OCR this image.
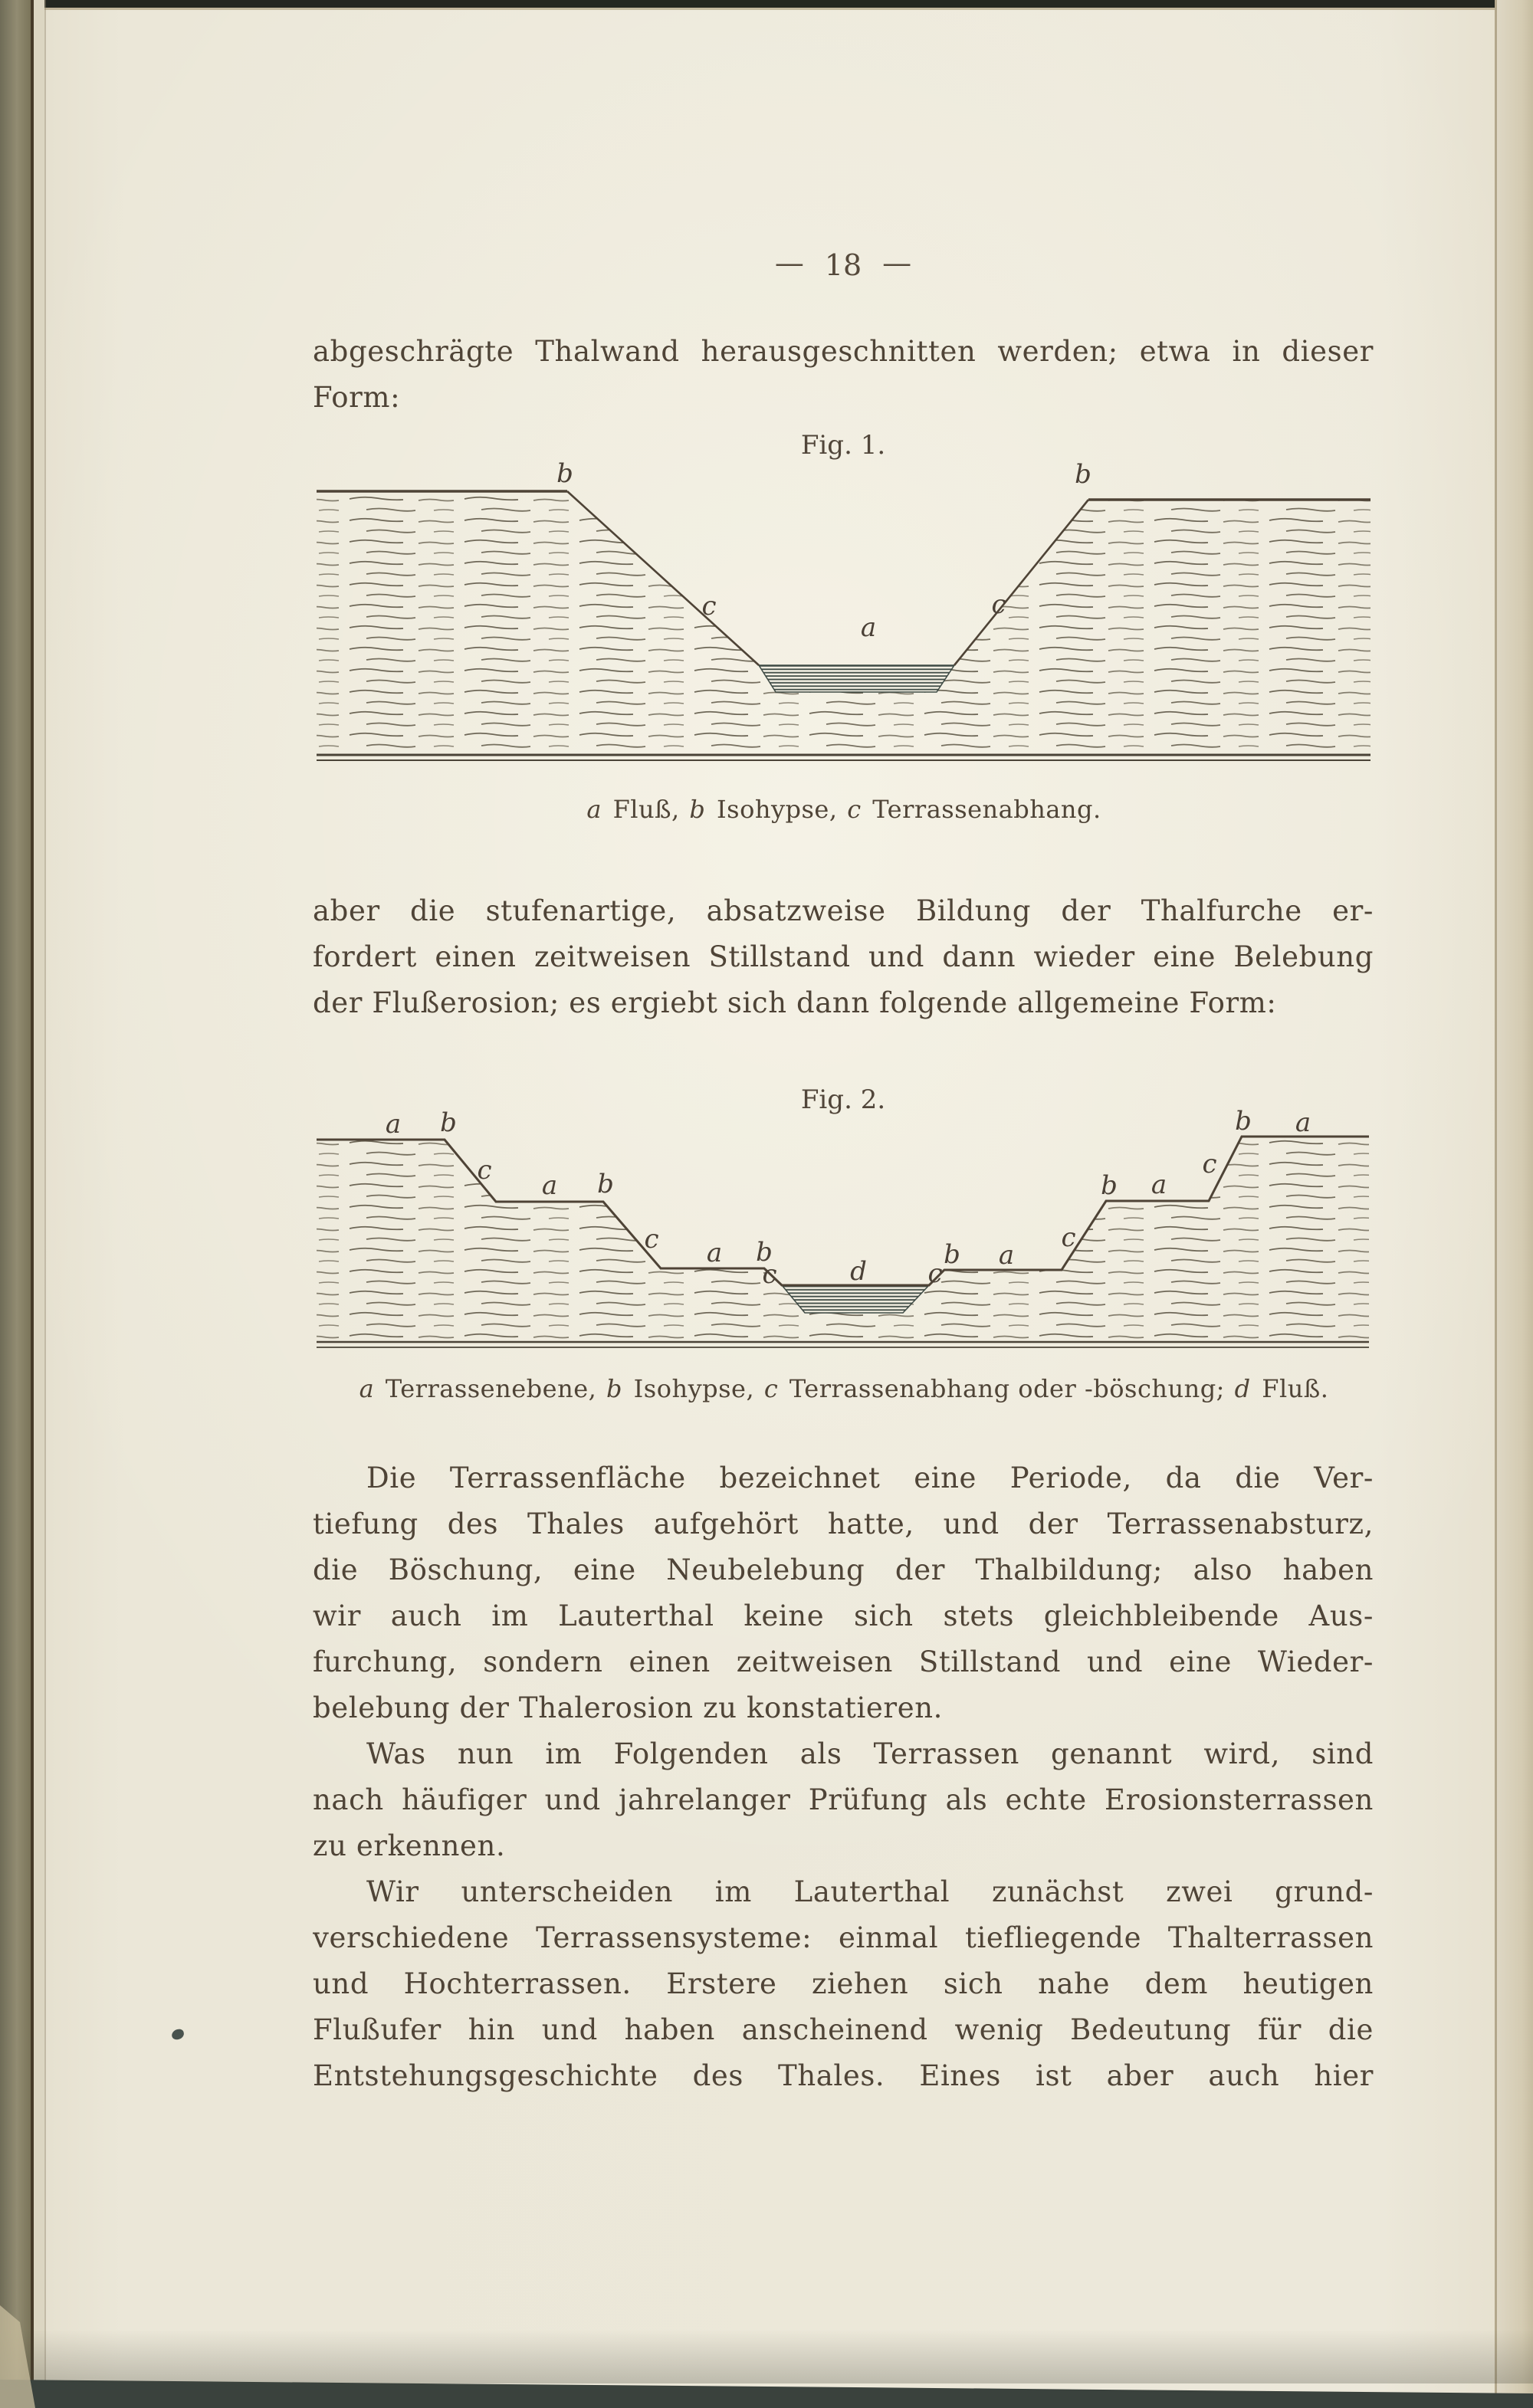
— 18 —
abgeschrägte Thalwand herausgeschnitten werden; etwa in dieser
Form:
Fig. 1.
b
c
a
c
b
a b
c a b
c a b
c	d c
b a
c
b a
c
b a
a Fluß, b Isohypse, c Terrassenabhang.
aber die stufenartige, absatzweise Bildung der Thalfurche er-
fordert einen zeitweisen Stillstand und dann wieder eine Belebung
der Flußerosion; es ergiebt sich dann folgende allgemeine Form:
Fig. 2.
a Terrassenebene, b Isohypse, c Terrassenabhang oder -böschung; d Fluß.
Die Terrassenfläche bezeichnet eine Periode, da die Ver-
tiefung des Thales aufgehört hatte, und der Terrassenabsturz,
die Böschung, eine Neubelebung der Thalbildung; also haben
wir auch im Lauterthal keine sich stets gleichbleibende Aus-
furchung, sondern einen zeitweisen Stillstand und eine Wieder-
belebung der Thalerosion zu konstatieren.
Was nun im Folgenden als Terrassen genannt wird, sind
nach häufiger und jahrelanger Prüfung als echte Erosionsterrassen
zu erkennen.
Wir unterscheiden im Lauterthal zunächst zwei grund-
verschiedene Terrassensysteme: einmal tiefliegende Thalterrassen
und Hochterrassen. Erstere ziehen sich nahe dem heutigen
Flußufer hin und haben anscheinend wenig Bedeutung für die
Entstehungsgeschichte des Thales. Eines ist aber auch hier
